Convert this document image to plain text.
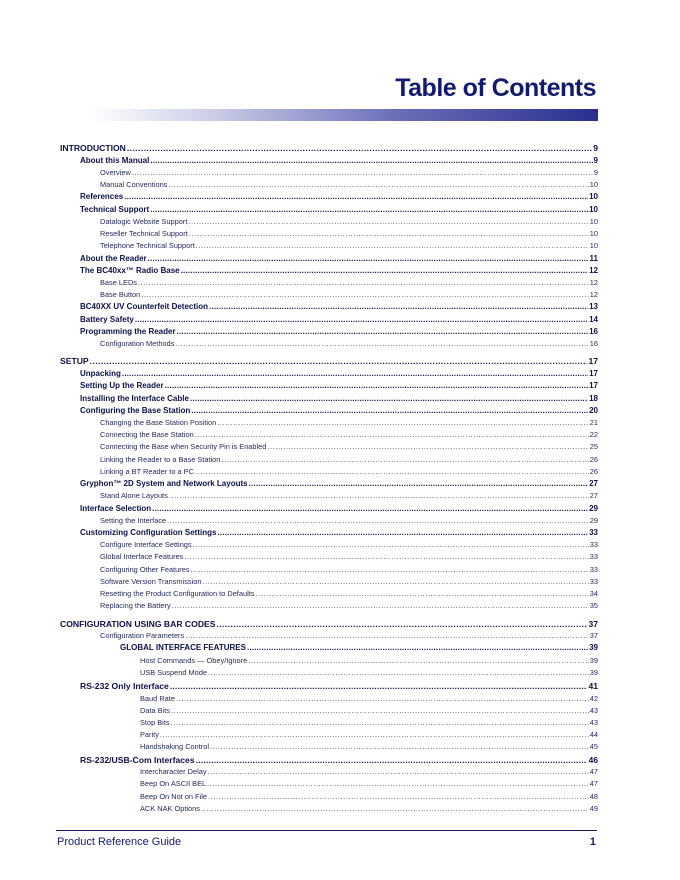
Table of Contents
INTRODUCTION .....	9
About this Manual .....	9
Overview .....	9
Manual Conventions .....	10
References .....	10
Technical Support .....	10
Datalogic Website Support .....	10
Reseller Technical Support .....	10
Telephone Technical Support .....	10
About the Reader .....	11
The BC40xx™ Radio Base .....	12
Base LEDs .....	12
Base Button .....	12
BC40XX UV Counterfeit Detection .....	13
Battery Safety .....	14
Programming the Reader .....	16
Configuration Methods .....	16
SETUP .....	17
Unpacking .....	17
Setting Up the Reader .....	17
Installing the Interface Cable .....	18
Configuring the Base Station .....	20
Changing the Base Station Position .....	21
Connecting the Base Station .....	22
Connecting the Base when Security Pin is Enabled .....	25
Linking the Reader to a Base Station .....	26
Linking a BT Reader to a PC .....	26
Gryphon™ 2D System and Network Layouts .....	27
Stand Alone Layouts .....	27
Interface Selection .....	29
Setting the Interface .....	29
Customizing Configuration Settings .....	33
Configure Interface Settings .....	33
Global Interface Features .....	33
Configuring Other Features .....	33
Software Version Transmission .....	33
Resetting the Product Configuration to Defaults .....	34
Replacing the Battery .....	35
CONFIGURATION USING BAR CODES .....	37
Configuration Parameters .....	37
GLOBAL INTERFACE FEATURES .....	39
Host Commands — Obey/Ignore .....	39
USB Suspend Mode .....	39
RS-232 Only Interface .....	41
Baud Rate .....	42
Data Bits .....	43
Stop Bits .....	43
Parity .....	44
Handshaking Control .....	45
RS-232/USB-Com Interfaces .....	46
Intercharacter Delay .....	47
Beep On ASCII BEL .....	47
Beep On Not on File .....	48
ACK NAK Options .....	49
Product Reference Guide	1
